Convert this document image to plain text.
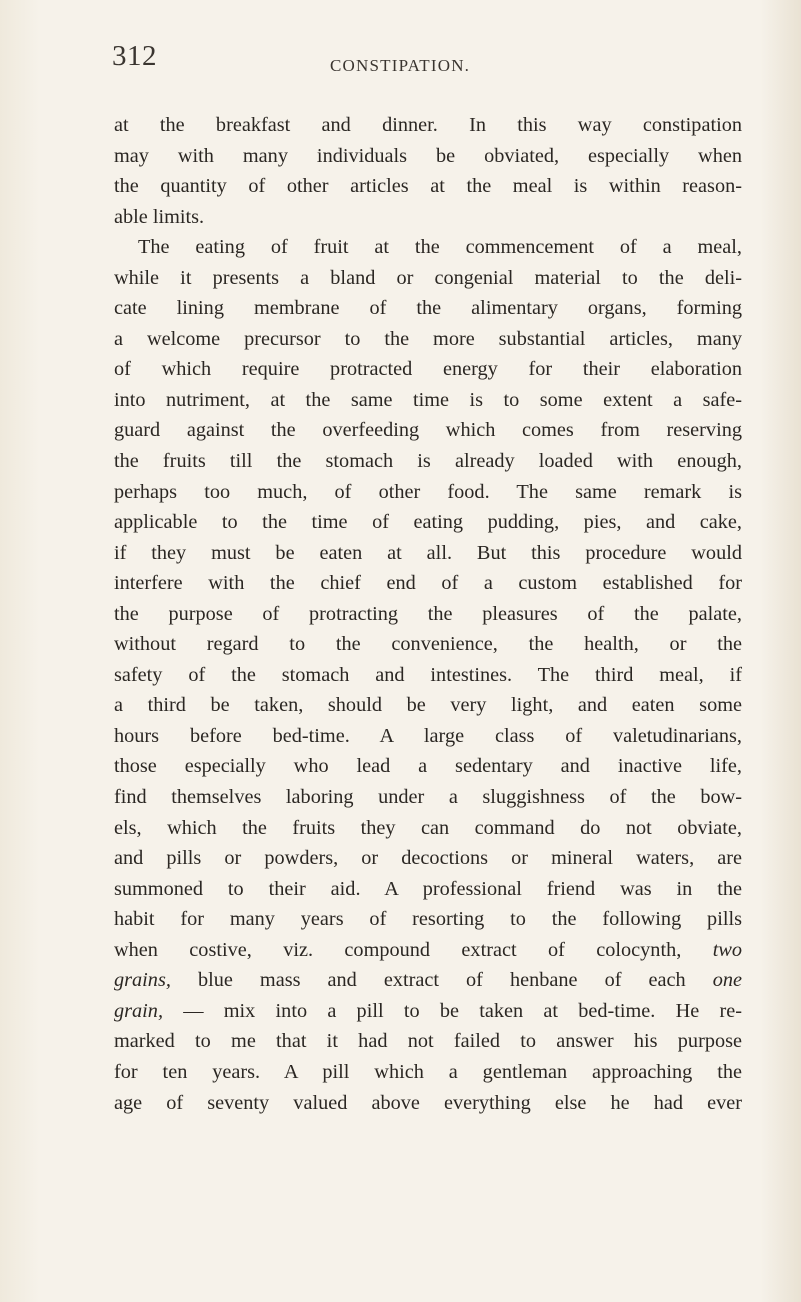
312	CONSTIPATION.
at the breakfast and dinner. In this way constipation
may with many individuals be obviated, especially when
the quantity of other articles at the meal is within reason-
able limits.
The eating of fruit at the commencement of a meal,
while it presents a bland or congenial material to the deli-
cate lining membrane of the alimentary organs, forming
a welcome precursor to the more substantial articles, many
of which require protracted energy for their elaboration
into nutriment, at the same time is to some extent a safe-
guard against the overfeeding which comes from reserving
the fruits till the stomach is already loaded with enough,
perhaps too much, of other food. The same remark is
applicable to the time of eating pudding, pies, and cake,
if they must be eaten at all. But this procedure would
interfere with the chief end of a custom established for
the purpose of protracting the pleasures of the palate,
without regard to the convenience, the health, or the
safety of the stomach and intestines. The third meal, if
a third be taken, should be very light, and eaten some
hours before bed-time. A large class of valetudinarians,
those especially who lead a sedentary and inactive life,
find themselves laboring under a sluggishness of the bow-
els, which the fruits they can command do not obviate,
and pills or powders, or decoctions or mineral waters, are
summoned to their aid. A professional friend was in the
habit for many years of resorting to the following pills
when costive, viz. compound extract of colocynth, two
grains, blue mass and extract of henbane of each one
grain, — mix into a pill to be taken at bed-time. He re-
marked to me that it had not failed to answer his purpose
for ten years. A pill which a gentleman approaching the
age of seventy valued above everything else he had ever
